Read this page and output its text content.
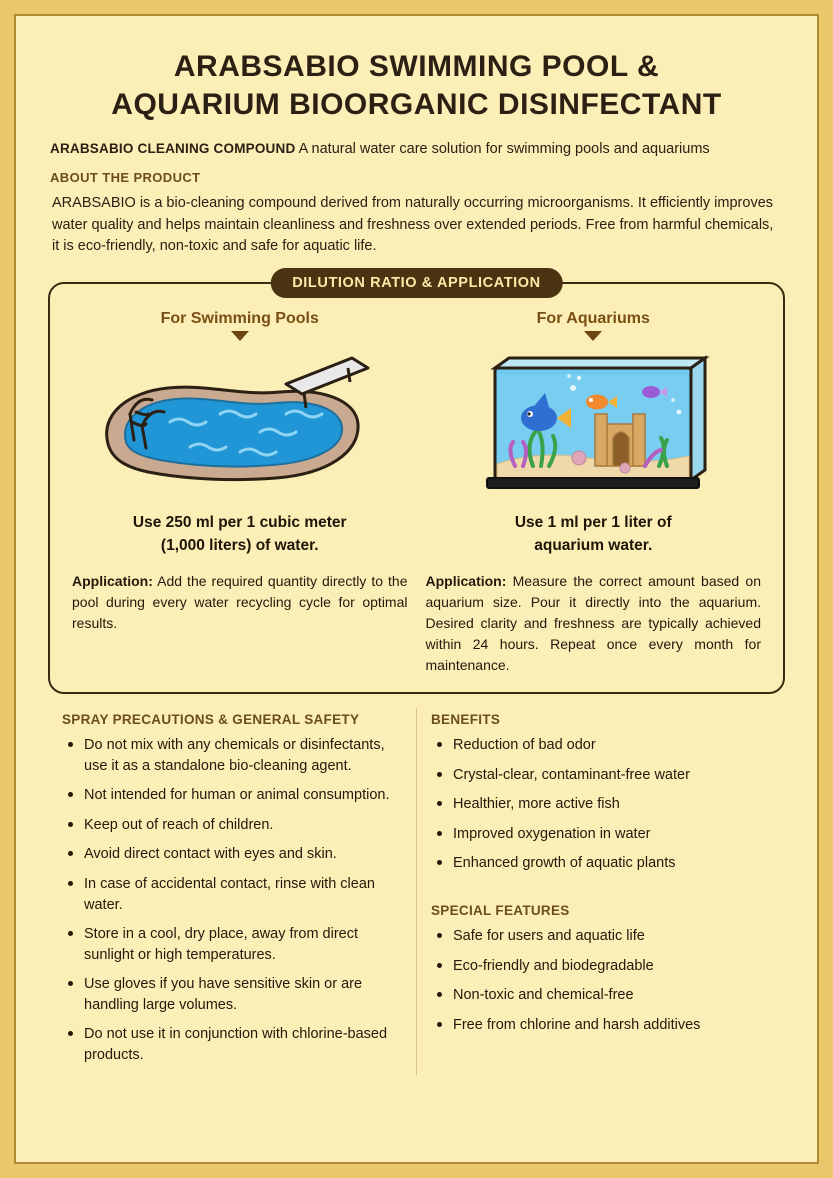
ARABSABIO SWIMMING POOL &
AQUARIUM BIOORGANIC DISINFECTANT
ARABSABIO CLEANING COMPOUND A natural water care solution for swimming pools and aquariums
ABOUT THE PRODUCT
ARABSABIO is a bio-cleaning compound derived from naturally occurring microorganisms. It efficiently improves water quality and helps maintain cleanliness and freshness over extended periods. Free from harmful chemicals, it is eco-friendly, non-toxic and safe for aquatic life.
DILUTION RATIO & APPLICATION
For Swimming Pools
Use 250 ml per 1 cubic meter
(1,000 liters) of water.
Application: Add the required quantity directly to the pool during every water recycling cycle for optimal results.
For Aquariums
Use 1 ml per 1 liter of
aquarium water.
Application: Measure the correct amount based on aquarium size. Pour it directly into the aquarium. Desired clarity and freshness are typically achieved within 24 hours. Repeat once every month for maintenance.
SPRAY PRECAUTIONS & GENERAL SAFETY
Do not mix with any chemicals or disinfectants, use it as a standalone bio-cleaning agent.
Not intended for human or animal consumption.
Keep out of reach of children.
Avoid direct contact with eyes and skin.
In case of accidental contact, rinse with clean water.
Store in a cool, dry place, away from direct sunlight or high temperatures.
Use gloves if you have sensitive skin or are handling large volumes.
Do not use it in conjunction with chlorine-based products.
BENEFITS
Reduction of bad odor
Crystal-clear, contaminant-free water
Healthier, more active fish
Improved oxygenation in water
Enhanced growth of aquatic plants
SPECIAL FEATURES
Safe for users and aquatic life
Eco-friendly and biodegradable
Non-toxic and chemical-free
Free from chlorine and harsh additives
